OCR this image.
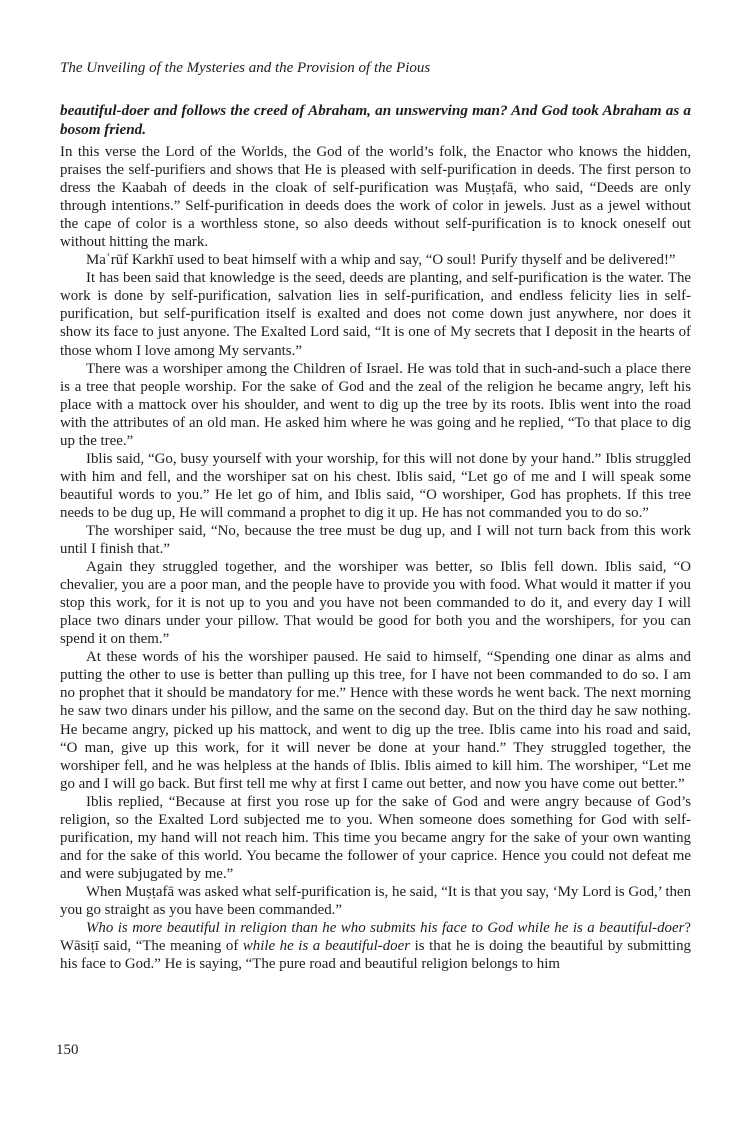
The Unveiling of the Mysteries and the Provision of the Pious

beautiful-doer and follows the creed of Abraham, an unswerving man? And God took Abraham as a bosom friend.

In this verse the Lord of the Worlds, the God of the world’s folk, the Enactor who knows the hidden, praises the self-purifiers and shows that He is pleased with self-purification in deeds. The first person to dress the Kaabah of deeds in the cloak of self-purification was Muṣṭafā, who said, “Deeds are only through intentions.” Self-purification in deeds does the work of color in jewels. Just as a jewel without the cape of color is a worthless stone, so also deeds without self-purification is to knock oneself out without hitting the mark.

Maʿrūf Karkhī used to beat himself with a whip and say, “O soul! Purify thyself and be delivered!”

It has been said that knowledge is the seed, deeds are planting, and self-purification is the water. The work is done by self-purification, salvation lies in self-purification, and endless felicity lies in self-purification, but self-purification itself is exalted and does not come down just anywhere, nor does it show its face to just anyone. The Exalted Lord said, “It is one of My secrets that I deposit in the hearts of those whom I love among My servants.”

There was a worshiper among the Children of Israel. He was told that in such-and-such a place there is a tree that people worship. For the sake of God and the zeal of the religion he became angry, left his place with a mattock over his shoulder, and went to dig up the tree by its roots. Iblis went into the road with the attributes of an old man. He asked him where he was going and he replied, “To that place to dig up the tree.”

Iblis said, “Go, busy yourself with your worship, for this will not done by your hand.” Iblis struggled with him and fell, and the worshiper sat on his chest. Iblis said, “Let go of me and I will speak some beautiful words to you.” He let go of him, and Iblis said, “O worshiper, God has prophets. If this tree needs to be dug up, He will command a prophet to dig it up. He has not commanded you to do so.”

The worshiper said, “No, because the tree must be dug up, and I will not turn back from this work until I finish that.”

Again they struggled together, and the worshiper was better, so Iblis fell down. Iblis said, “O chevalier, you are a poor man, and the people have to provide you with food. What would it matter if you stop this work, for it is not up to you and you have not been commanded to do it, and every day I will place two dinars under your pillow. That would be good for both you and the worshipers, for you can spend it on them.”

At these words of his the worshiper paused. He said to himself, “Spending one dinar as alms and putting the other to use is better than pulling up this tree, for I have not been commanded to do so. I am no prophet that it should be mandatory for me.” Hence with these words he went back. The next morning he saw two dinars under his pillow, and the same on the second day. But on the third day he saw nothing. He became angry, picked up his mattock, and went to dig up the tree. Iblis came into his road and said, “O man, give up this work, for it will never be done at your hand.” They struggled together, the worshiper fell, and he was helpless at the hands of Iblis. Iblis aimed to kill him. The worshiper, “Let me go and I will go back. But first tell me why at first I came out better, and now you have come out better.”

Iblis replied, “Because at first you rose up for the sake of God and were angry because of God’s religion, so the Exalted Lord subjected me to you. When someone does something for God with self-purification, my hand will not reach him. This time you became angry for the sake of your own wanting and for the sake of this world. You became the follower of your caprice. Hence you could not defeat me and were subjugated by me.”

When Muṣṭafā was asked what self-purification is, he said, “It is that you say, ‘My Lord is God,’ then you go straight as you have been commanded.”

Who is more beautiful in religion than he who submits his face to God while he is a beautiful-doer? Wāsiṭī said, “The meaning of while he is a beautiful-doer is that he is doing the beautiful by submitting his face to God.” He is saying, “The pure road and beautiful religion belongs to him

150
